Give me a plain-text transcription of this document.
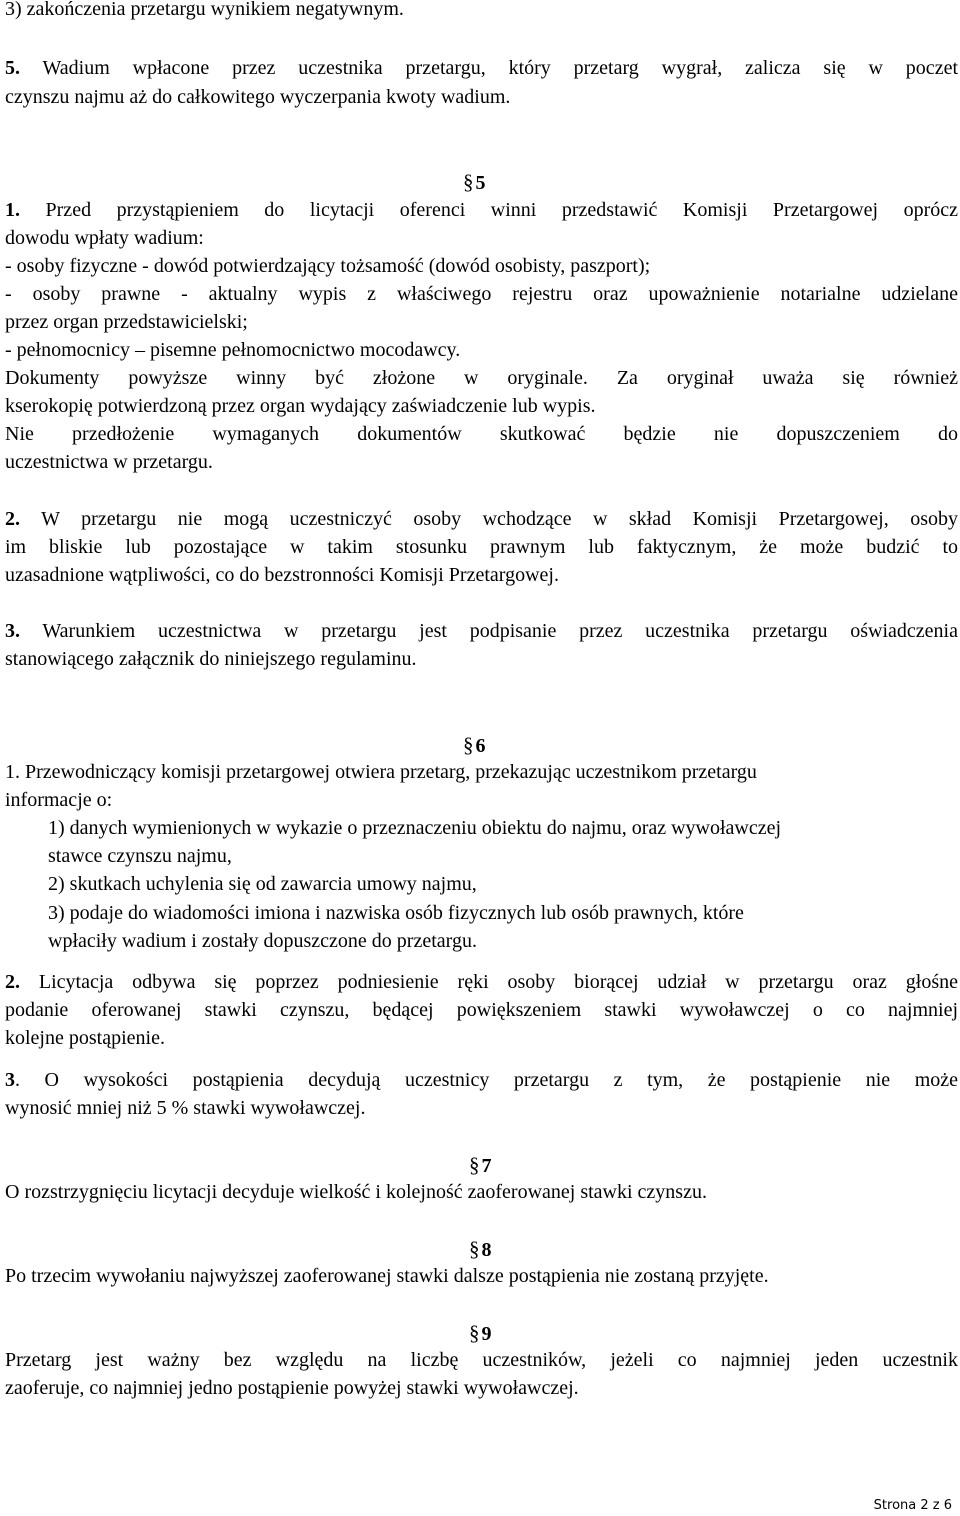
3) zakończenia przetargu wynikiem negatywnym.
5. Wadium wpłacone przez uczestnika przetargu, który przetarg wygrał, zalicza się w poczet
czynszu najmu aż do całkowitego wyczerpania kwoty wadium.
§ 5
1. Przed przystąpieniem do licytacji oferenci winni przedstawić Komisji Przetargowej oprócz
dowodu wpłaty wadium:
- osoby fizyczne - dowód potwierdzający tożsamość (dowód osobisty, paszport);
- osoby prawne - aktualny wypis z właściwego rejestru oraz upoważnienie notarialne udzielane
przez organ przedstawicielski;
- pełnomocnicy – pisemne pełnomocnictwo mocodawcy.
Dokumenty powyższe winny być złożone w oryginale. Za oryginał uważa się również
kserokopię potwierdzoną przez organ wydający zaświadczenie lub wypis.
Nie przedłożenie wymaganych dokumentów skutkować będzie nie dopuszczeniem do
uczestnictwa w przetargu.
2. W przetargu nie mogą uczestniczyć osoby wchodzące w skład Komisji Przetargowej, osoby
im bliskie lub pozostające w takim stosunku prawnym lub faktycznym, że może budzić to
uzasadnione wątpliwości, co do bezstronności Komisji Przetargowej.
3. Warunkiem uczestnictwa w przetargu jest podpisanie przez uczestnika przetargu oświadczenia
stanowiącego załącznik do niniejszego regulaminu.
§ 6
1. Przewodniczący komisji przetargowej otwiera przetarg, przekazując uczestnikom przetargu
informacje o:
1) danych wymienionych w wykazie o przeznaczeniu obiektu do najmu, oraz wywoławczej
stawce czynszu najmu,
2) skutkach uchylenia się od zawarcia umowy najmu,
3) podaje do wiadomości imiona i nazwiska osób fizycznych lub osób prawnych, które
wpłaciły wadium i zostały dopuszczone do przetargu.
2. Licytacja odbywa się poprzez podniesienie ręki osoby biorącej udział w przetargu oraz głośne
podanie oferowanej stawki czynszu, będącej powiększeniem stawki wywoławczej o co najmniej
kolejne postąpienie.
3. O wysokości postąpienia decydują uczestnicy przetargu z tym, że postąpienie nie może
wynosić mniej niż 5 % stawki wywoławczej.
§ 7
O rozstrzygnięciu licytacji decyduje wielkość i kolejność zaoferowanej stawki czynszu.
§ 8
Po trzecim wywołaniu najwyższej zaoferowanej stawki dalsze postąpienia nie zostaną przyjęte.
§ 9
Przetarg jest ważny bez względu na liczbę uczestników, jeżeli co najmniej jeden uczestnik
zaoferuje, co najmniej jedno postąpienie powyżej stawki wywoławczej.
Strona 2 z 6
